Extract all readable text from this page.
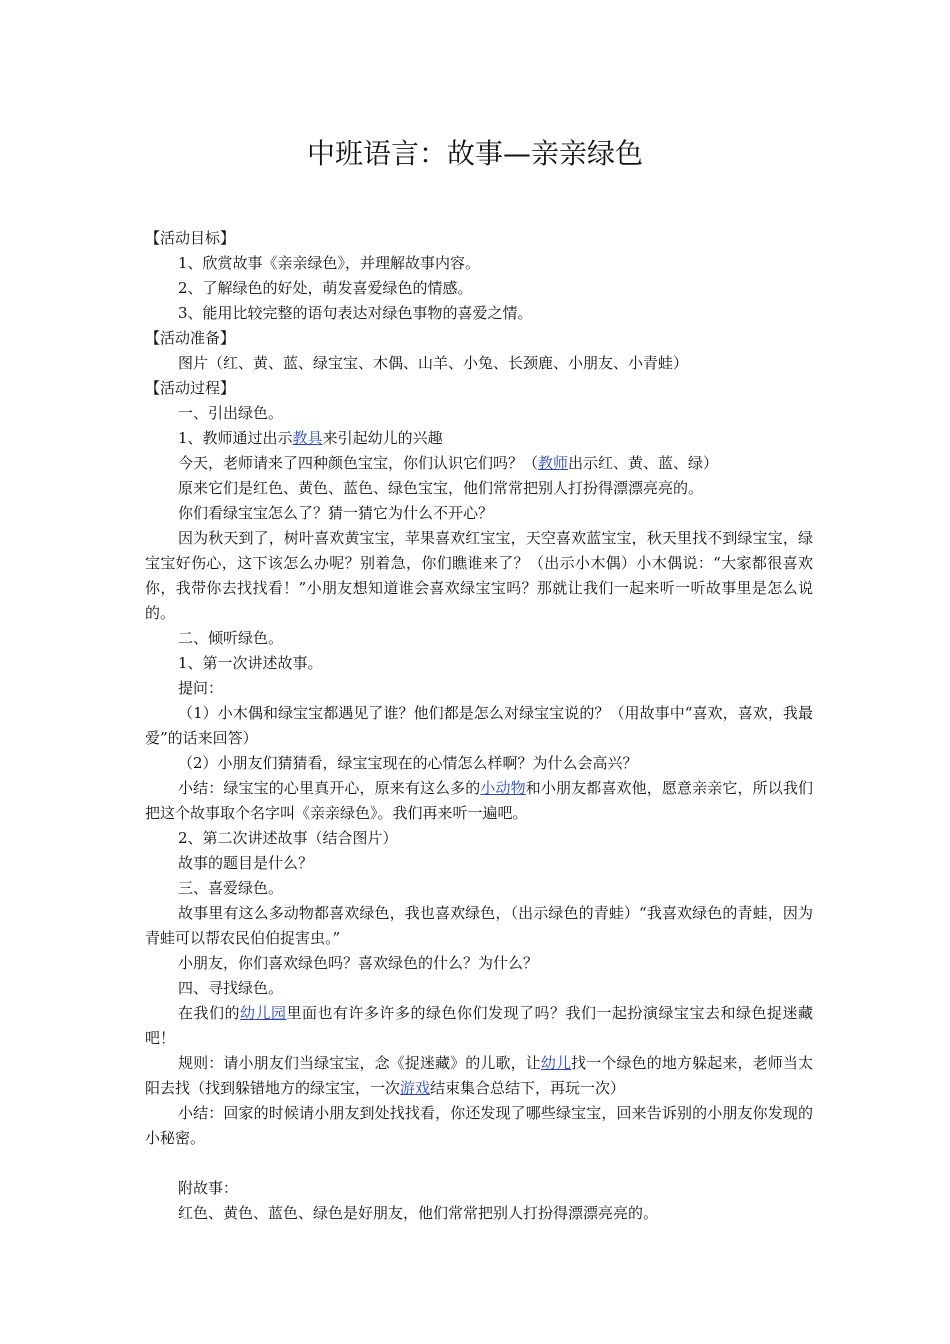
中班语言：故事—亲亲绿色

【活动目标】

1、欣赏故事《亲亲绿色》，并理解故事内容。

2、了解绿色的好处，萌发喜爱绿色的情感。

3、能用比较完整的语句表达对绿色事物的喜爱之情。

【活动准备】

图片（红、黄、蓝、绿宝宝、木偶、山羊、小兔、长颈鹿、小朋友、小青蛙）

【活动过程】

一、引出绿色。

1、教师通过出示教具来引起幼儿的兴趣

今天，老师请来了四种颜色宝宝，你们认识它们吗？（教师出示红、黄、蓝、绿）

原来它们是红色、黄色、蓝色、绿色宝宝，他们常常把别人打扮得漂漂亮亮的。

你们看绿宝宝怎么了？猜一猜它为什么不开心？

因为秋天到了，树叶喜欢黄宝宝，苹果喜欢红宝宝，天空喜欢蓝宝宝，秋天里找不到绿宝宝，绿宝宝好伤心，这下该怎么办呢？别着急，你们瞧谁来了？（出示小木偶）小木偶说：“大家都很喜欢你，我带你去找找看！”小朋友想知道谁会喜欢绿宝宝吗？那就让我们一起来听一听故事里是怎么说的。

二、倾听绿色。

1、第一次讲述故事。

提问：

（1）小木偶和绿宝宝都遇见了谁？他们都是怎么对绿宝宝说的？（用故事中“喜欢，喜欢，我最爱”的话来回答）

（2）小朋友们猜猜看，绿宝宝现在的心情怎么样啊？为什么会高兴？

小结：绿宝宝的心里真开心，原来有这么多的小动物和小朋友都喜欢他，愿意亲亲它，所以我们把这个故事取个名字叫《亲亲绿色》。我们再来听一遍吧。

2、第二次讲述故事（结合图片）

故事的题目是什么？

三、喜爱绿色。

故事里有这么多动物都喜欢绿色，我也喜欢绿色，（出示绿色的青蛙）“我喜欢绿色的青蛙，因为青蛙可以帮农民伯伯捉害虫。”

小朋友，你们喜欢绿色吗？喜欢绿色的什么？为什么？

四、寻找绿色。

在我们的幼儿园里面也有许多许多的绿色你们发现了吗？我们一起扮演绿宝宝去和绿色捉迷藏吧！

规则：请小朋友们当绿宝宝，念《捉迷藏》的儿歌，让幼儿找一个绿色的地方躲起来，老师当太阳去找（找到躲错地方的绿宝宝，一次游戏结束集合总结下，再玩一次）

小结：回家的时候请小朋友到处找找看，你还发现了哪些绿宝宝，回来告诉别的小朋友你发现的小秘密。

附故事：

红色、黄色、蓝色、绿色是好朋友，他们常常把别人打扮得漂漂亮亮的。
